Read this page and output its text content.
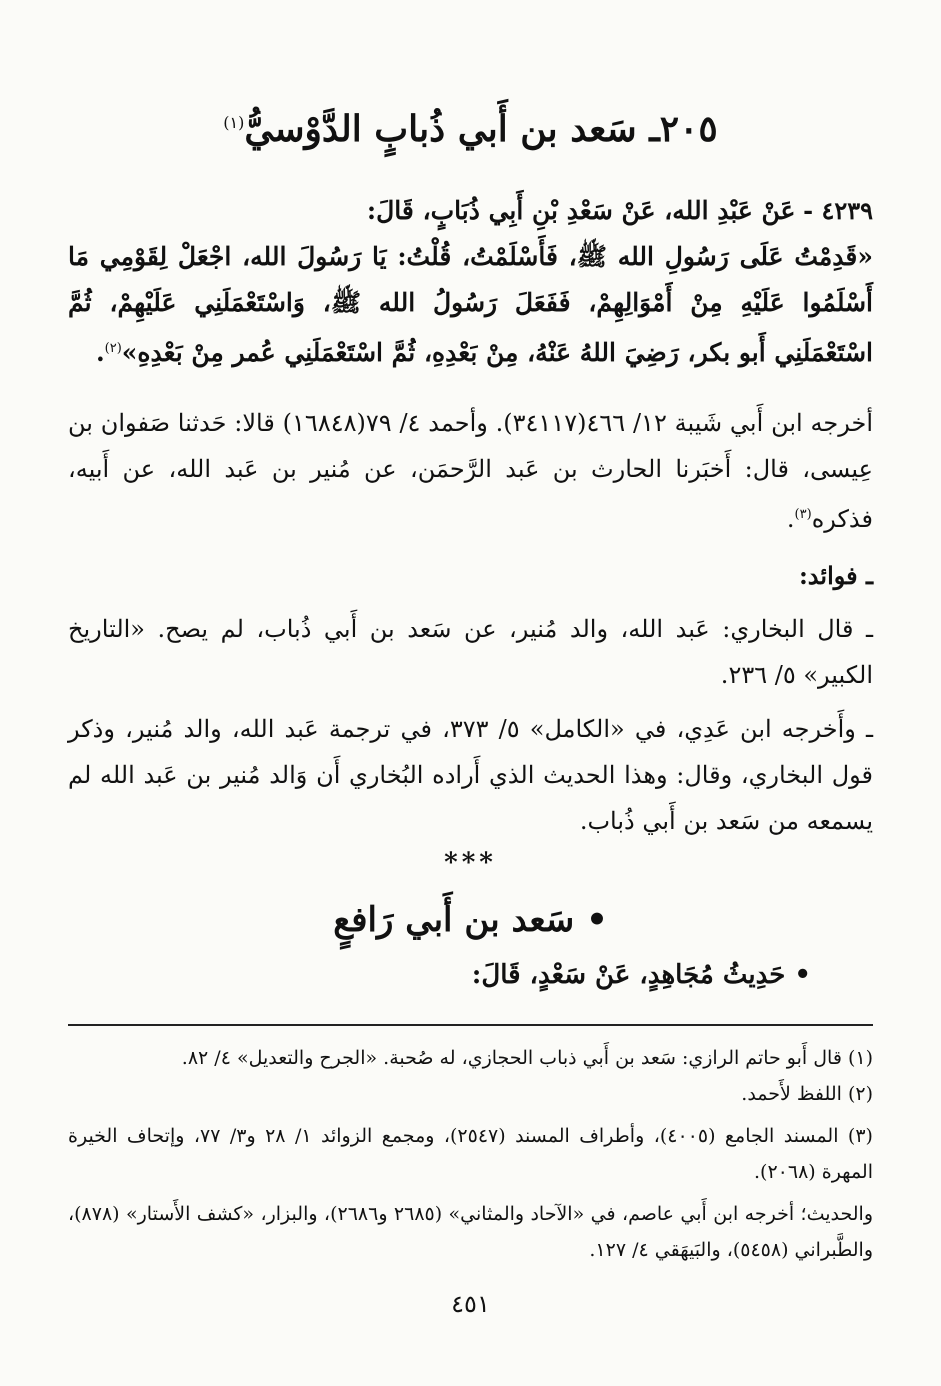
٢٠٥ـ سَعد بن أَبي ذُبابٍ الدَّوْسيُّ$^{(١)}$

٤٢٣٩ - عَنْ عَبْدِ الله، عَنْ سَعْدِ بْنِ أَبِي ذُبَابٍ، قَالَ:
«قَدِمْتُ عَلَى رَسُولِ الله ﷺ، فَأَسْلَمْتُ، قُلْتُ: يَا رَسُولَ الله، اجْعَلْ لِقَوْمِي مَا أَسْلَمُوا عَلَيْهِ مِنْ أَمْوَالِهِمْ، فَفَعَلَ رَسُولُ الله ﷺ، وَاسْتَعْمَلَنِي عَلَيْهِمْ، ثُمَّ اسْتَعْمَلَنِي أَبو بكر، رَضِيَ اللهُ عَنْهُ، مِنْ بَعْدِهِ، ثُمَّ اسْتَعْمَلَنِي عُمر مِنْ بَعْدِهِ»$^{(٢)}$.

أخرجه ابن أَبي شَيبة ١٢/ ٤٦٦(٣٤١١٧). وأحمد ٤/ ٧٩(١٦٨٤٨) قالا: حَدثنا صَفوان بن عِيسى، قال: أَخبَرنا الحارث بن عَبد الرَّحمَن، عن مُنير بن عَبد الله، عن أَبيه، فذكره$^{(٣)}$.

ـ فوائد:

ـ قال البخاري: عَبد الله، والد مُنير، عن سَعد بن أَبي ذُباب، لم يصح. «التاريخ الكبير» ٥/ ٢٣٦.

ـ وأَخرجه ابن عَدِي، في «الكامل» ٥/ ٣٧٣، في ترجمة عَبد الله، والد مُنير، وذكر قول البخاري، وقال: وهذا الحديث الذي أَراده البُخاري أَن وَالد مُنير بن عَبد الله لم يسمعه من سَعد بن أَبي ذُباب.

***

• سَعد بن أَبي رَافعٍ

• حَدِيثُ مُجَاهِدٍ، عَنْ سَعْدٍ، قَالَ:

(١) قال أَبو حاتم الرازي: سَعد بن أَبي ذباب الحجازي، له صُحبة. «الجرح والتعديل» ٤/ ٨٢.

(٢) اللفظ لأَحمد.

(٣) المسند الجامع (٤٠٠٥)، وأطراف المسند (٢٥٤٧)، ومجمع الزوائد ١/ ٢٨ و٣/ ٧٧، وإتحاف الخيرة المهرة (٢٠٦٨).

والحديث؛ أخرجه ابن أَبي عاصم، في «الآحاد والمثاني» (٢٦٨٥ و٢٦٨٦)، والبزار، «كشف الأَستار» (٨٧٨)، والطَّبراني (٥٤٥٨)، والبَيهَقي ٤/ ١٢٧.

٤٥١
